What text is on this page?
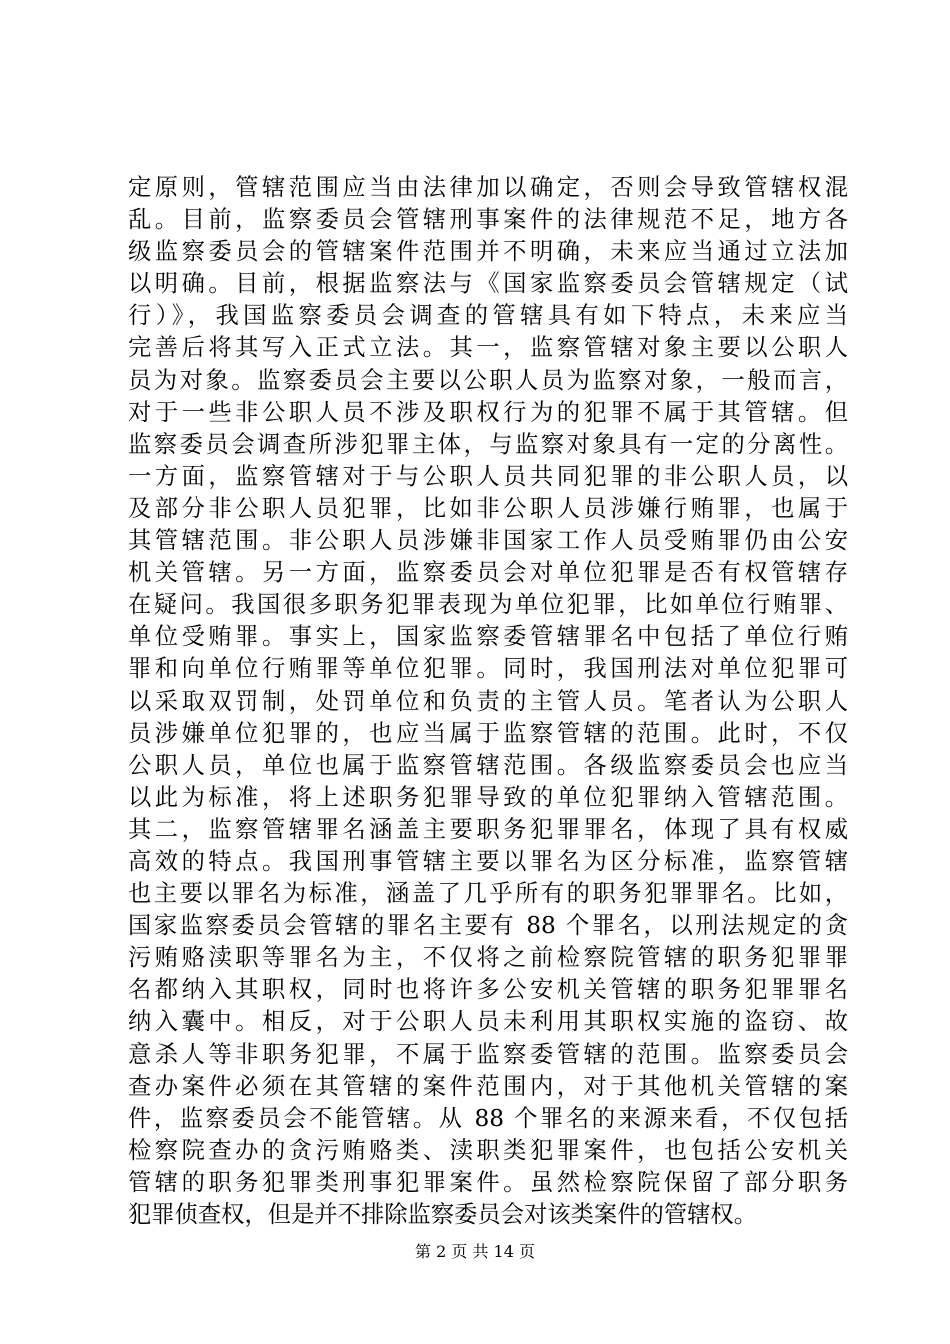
定原则，管辖范围应当由法律加以确定，否则会导致管辖权混
乱。目前，监察委员会管辖刑事案件的法律规范不足，地方各
级监察委员会的管辖案件范围并不明确，未来应当通过立法加
以明确。目前，根据监察法与《国家监察委员会管辖规定（试
行）》，我国监察委员会调查的管辖具有如下特点，未来应当
完善后将其写入正式立法。其一，监察管辖对象主要以公职人
员为对象。监察委员会主要以公职人员为监察对象，一般而言，
对于一些非公职人员不涉及职权行为的犯罪不属于其管辖。但
监察委员会调查所涉犯罪主体，与监察对象具有一定的分离性。
一方面，监察管辖对于与公职人员共同犯罪的非公职人员，以
及部分非公职人员犯罪，比如非公职人员涉嫌行贿罪，也属于
其管辖范围。非公职人员涉嫌非国家工作人员受贿罪仍由公安
机关管辖。另一方面，监察委员会对单位犯罪是否有权管辖存
在疑问。我国很多职务犯罪表现为单位犯罪，比如单位行贿罪、
单位受贿罪。事实上，国家监察委管辖罪名中包括了单位行贿
罪和向单位行贿罪等单位犯罪。同时，我国刑法对单位犯罪可
以采取双罚制，处罚单位和负责的主管人员。笔者认为公职人
员涉嫌单位犯罪的，也应当属于监察管辖的范围。此时，不仅
公职人员，单位也属于监察管辖范围。各级监察委员会也应当
以此为标准，将上述职务犯罪导致的单位犯罪纳入管辖范围。
其二，监察管辖罪名涵盖主要职务犯罪罪名，体现了具有权威
高效的特点。我国刑事管辖主要以罪名为区分标准，监察管辖
也主要以罪名为标准，涵盖了几乎所有的职务犯罪罪名。比如，
国家监察委员会管辖的罪名主要有 88 个罪名，以刑法规定的贪
污贿赂渎职等罪名为主，不仅将之前检察院管辖的职务犯罪罪
名都纳入其职权，同时也将许多公安机关管辖的职务犯罪罪名
纳入囊中。相反，对于公职人员未利用其职权实施的盗窃、故
意杀人等非职务犯罪，不属于监察委管辖的范围。监察委员会
查办案件必须在其管辖的案件范围内，对于其他机关管辖的案
件，监察委员会不能管辖。从 88 个罪名的来源来看，不仅包括
检察院查办的贪污贿赂类、渎职类犯罪案件，也包括公安机关
管辖的职务犯罪类刑事犯罪案件。虽然检察院保留了部分职务
犯罪侦查权，但是并不排除监察委员会对该类案件的管辖权。
第 2 页 共 14 页
